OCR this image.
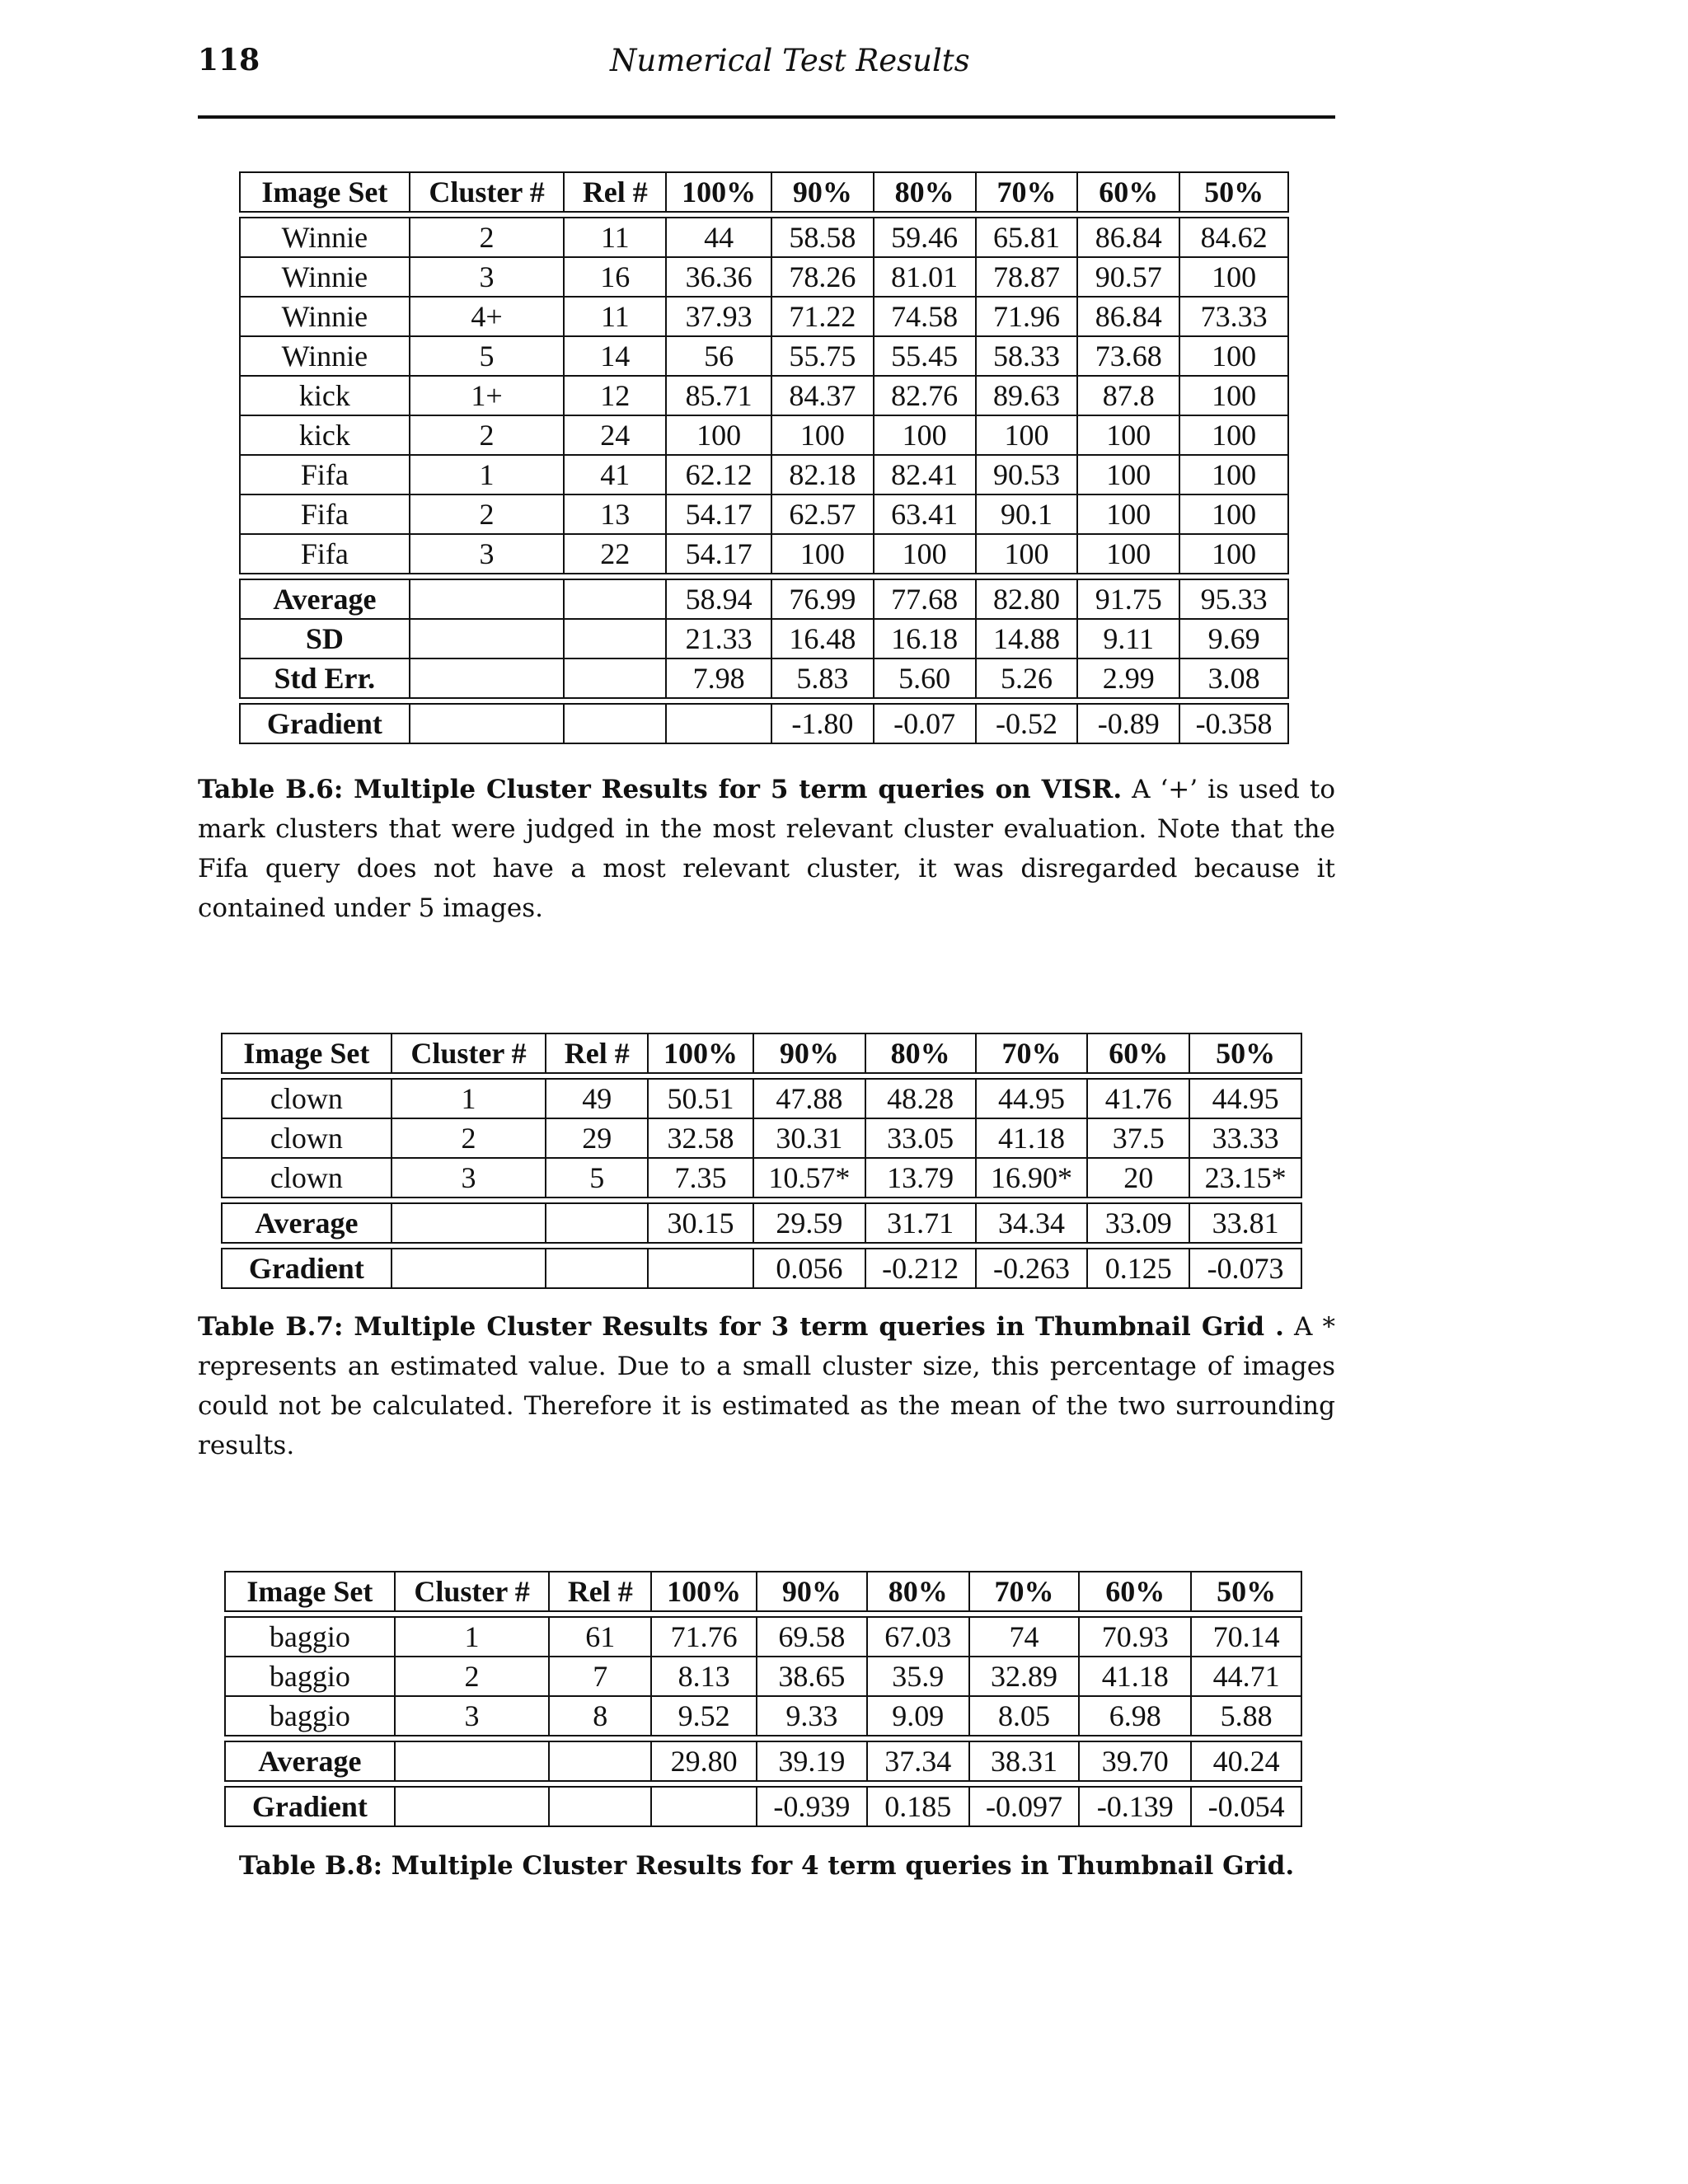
118	Numerical Test Results
Image Set	Cluster #	Rel #	100%	90%	80%	70%	60%	50%

Winnie	2	11	44	58.58	59.46	65.81	86.84	84.62
Winnie	3	16	36.36	78.26	81.01	78.87	90.57	100
Winnie	4+	11	37.93	71.22	74.58	71.96	86.84	73.33
Winnie	5	14	56	55.75	55.45	58.33	73.68	100
kick	1+	12	85.71	84.37	82.76	89.63	87.8	100
kick	2	24	100	100	100	100	100	100
Fifa	1	41	62.12	82.18	82.41	90.53	100	100
Fifa	2	13	54.17	62.57	63.41	90.1	100	100
Fifa	3	22	54.17	100	100	100	100	100

Average			58.94	76.99	77.68	82.80	91.75	95.33
SD			21.33	16.48	16.18	14.88	9.11	9.69
Std Err.			7.98	5.83	5.60	5.26	2.99	3.08

Gradient				-1.80	-0.07	-0.52	-0.89	-0.358
Table B.6: Multiple Cluster Results for 5 term queries on VISR. A ‘+’ is used to mark clusters that were judged in the most relevant cluster evaluation. Note that the Fifa query does not have a most relevant cluster, it was disregarded because it contained under 5 images.
Image Set	Cluster #	Rel #	100%	90%	80%	70%	60%	50%

clown	1	49	50.51	47.88	48.28	44.95	41.76	44.95
clown	2	29	32.58	30.31	33.05	41.18	37.5	33.33
clown	3	5	7.35	10.57*	13.79	16.90*	20	23.15*

Average			30.15	29.59	31.71	34.34	33.09	33.81

Gradient				0.056	-0.212	-0.263	0.125	-0.073
Table B.7: Multiple Cluster Results for 3 term queries in Thumbnail Grid . A * represents an estimated value. Due to a small cluster size, this percentage of images could not be calculated. Therefore it is estimated as the mean of the two surrounding results.
Image Set	Cluster #	Rel #	100%	90%	80%	70%	60%	50%

baggio	1	61	71.76	69.58	67.03	74	70.93	70.14
baggio	2	7	8.13	38.65	35.9	32.89	41.18	44.71
baggio	3	8	9.52	9.33	9.09	8.05	6.98	5.88

Average			29.80	39.19	37.34	38.31	39.70	40.24

Gradient				-0.939	0.185	-0.097	-0.139	-0.054
Table B.8: Multiple Cluster Results for 4 term queries in Thumbnail Grid.
